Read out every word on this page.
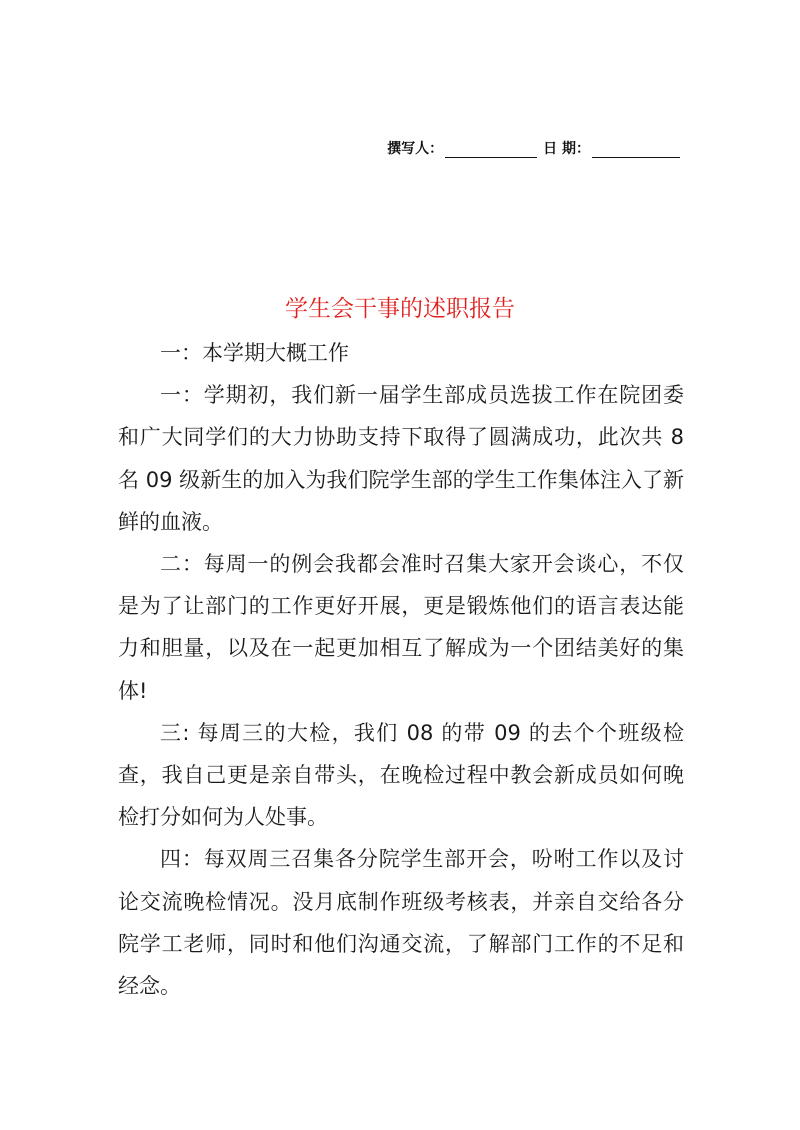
撰写人：	日 期：
学生会干事的述职报告

一：本学期大概工作

一：学期初，我们新一届学生部成员选拔工作在院团委和广大同学们的大力协助支持下取得了圆满成功，此次共 8 名 09 级新生的加入为我们院学生部的学生工作集体注入了新鲜的血液。

二：每周一的例会我都会准时召集大家开会谈心，不仅是为了让部门的工作更好开展，更是锻炼他们的语言表达能力和胆量，以及在一起更加相互了解成为一个团结美好的集体!

三: 每周三的大检，我们 08 的带 09 的去个个班级检查，我自己更是亲自带头，在晚检过程中教会新成员如何晚检打分如何为人处事。

四：每双周三召集各分院学生部开会，吩咐工作以及讨论交流晚检情况。没月底制作班级考核表，并亲自交给各分院学工老师，同时和他们沟通交流，了解部门工作的不足和经念。
